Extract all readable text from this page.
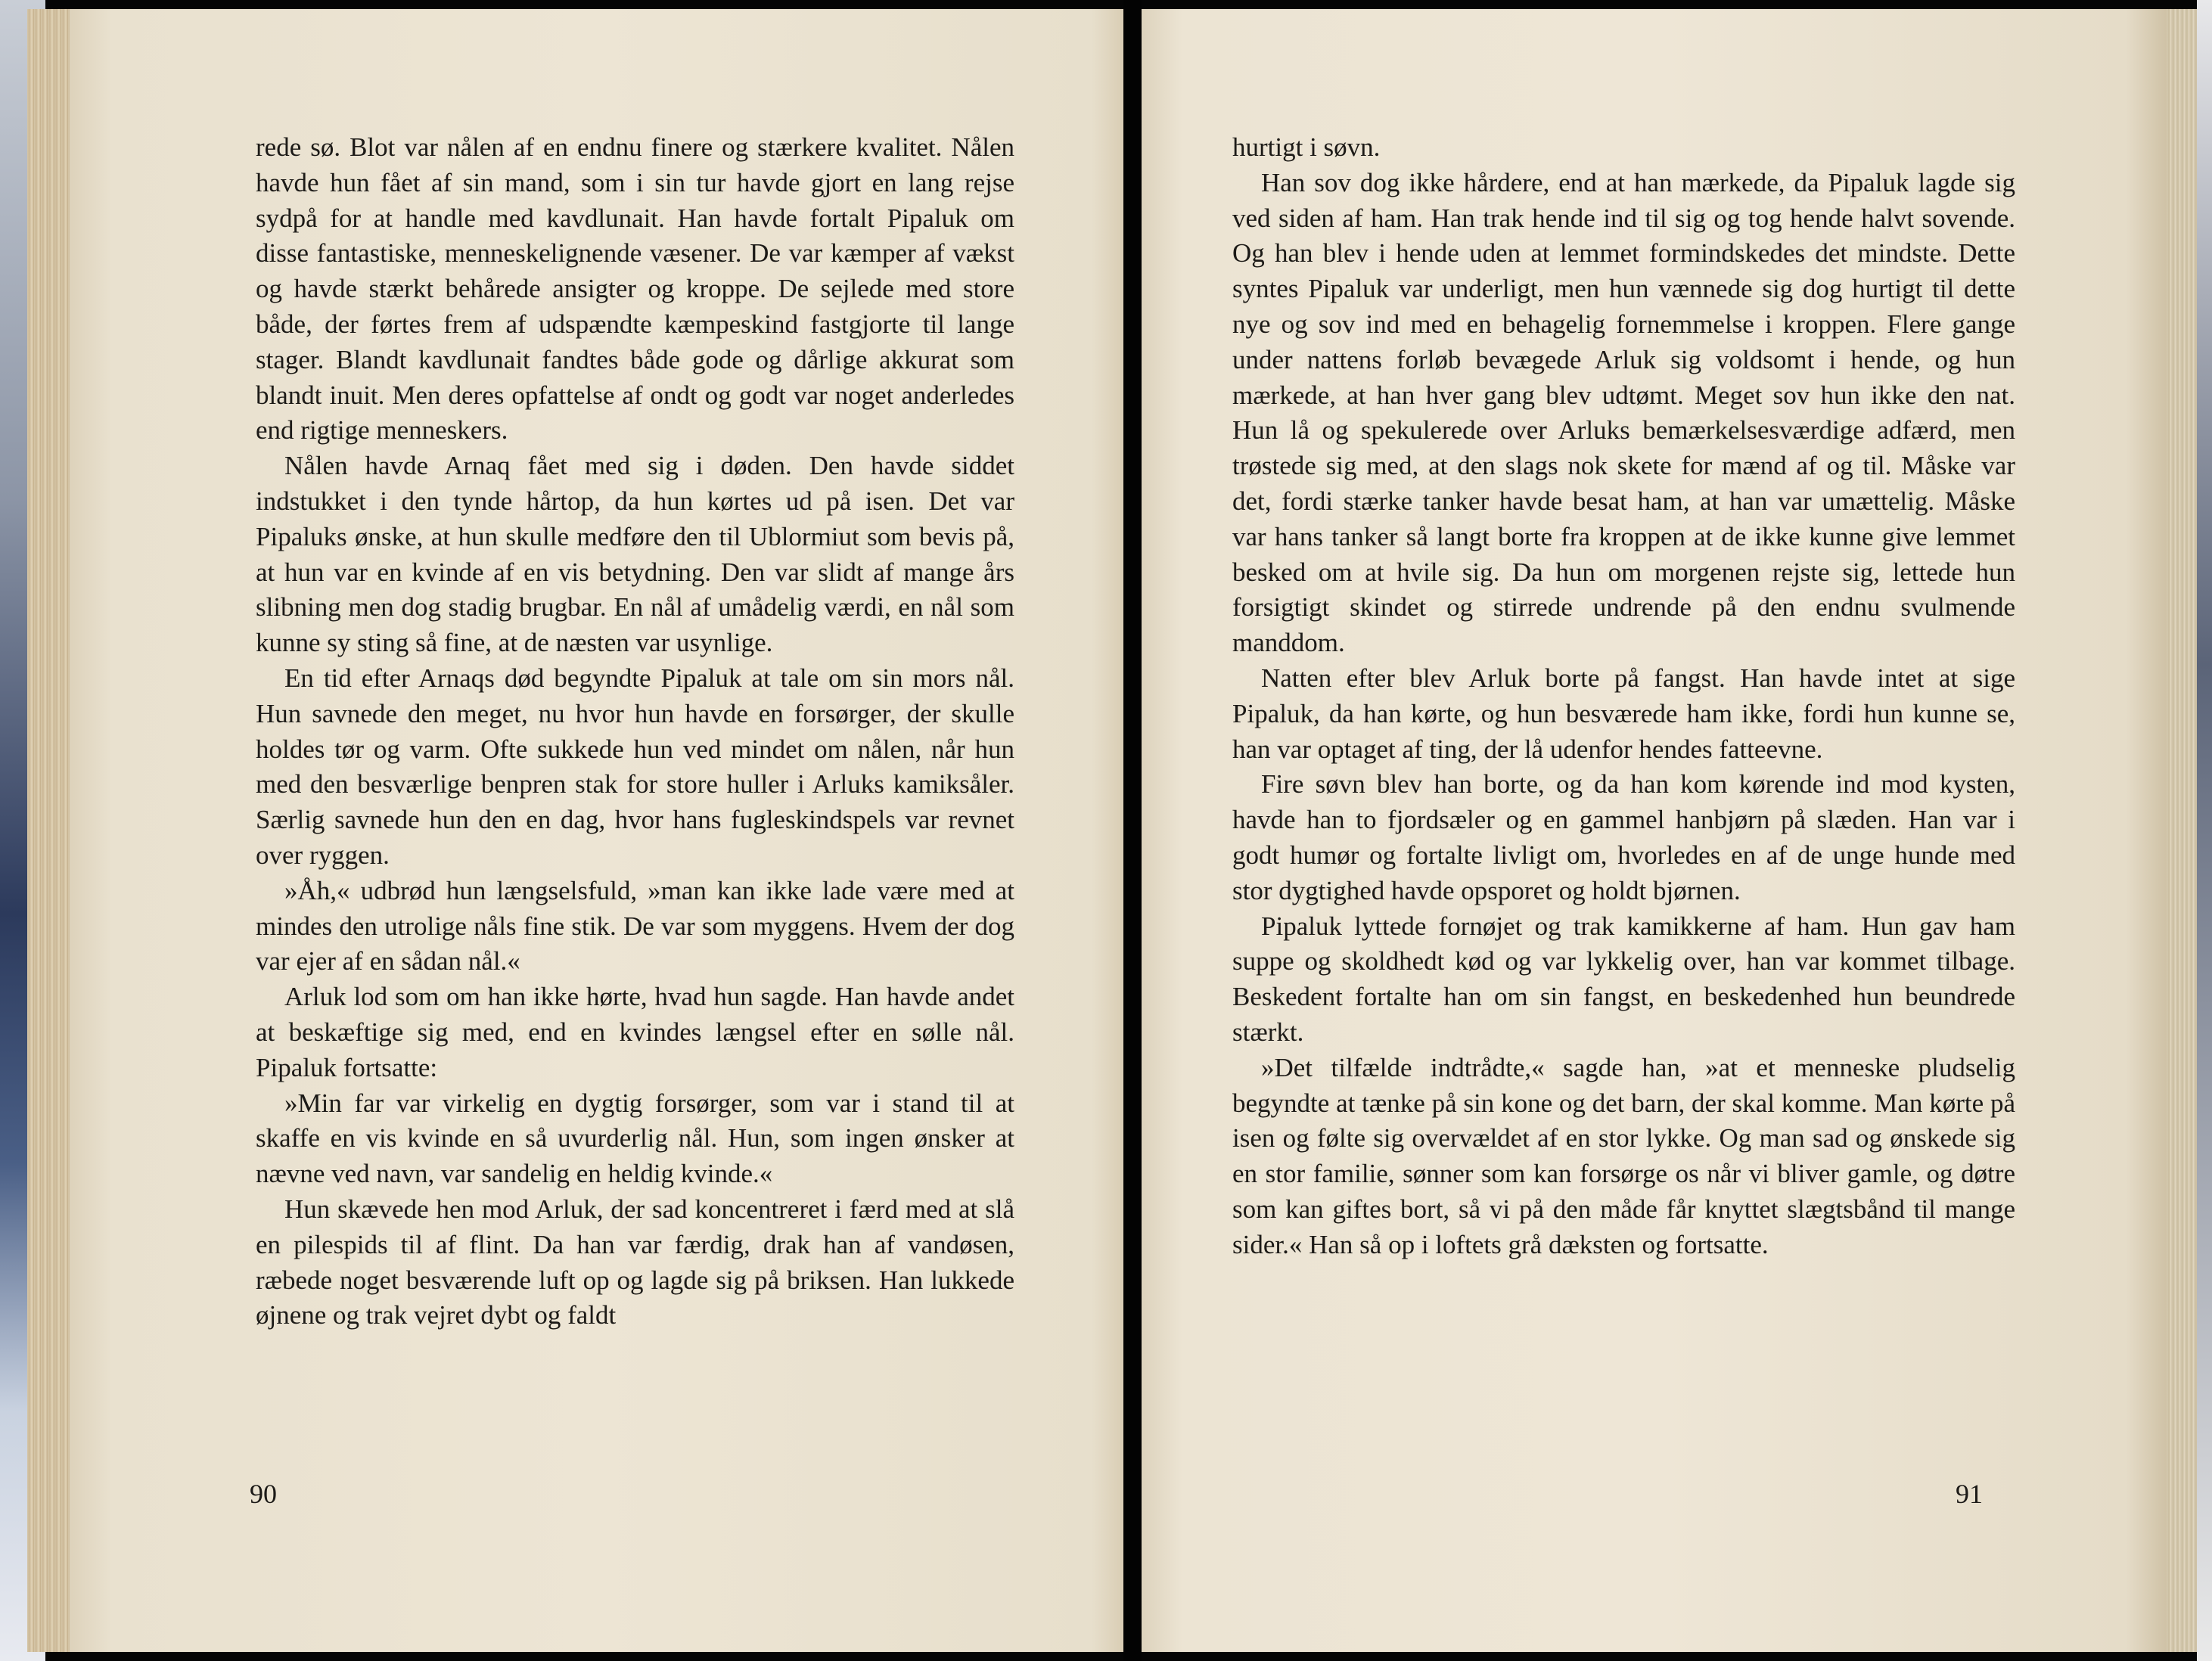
rede sø. Blot var nålen af en endnu finere og stærkere kvalitet. Nålen havde hun fået af sin mand, som i sin tur havde gjort en lang rejse sydpå for at handle med kavdlunait. Han havde fortalt Pipaluk om disse fantastiske, menneskelignende væsener. De var kæmper af vækst og havde stærkt behårede ansigter og kroppe. De sejlede med store både, der førtes frem af udspændte kæmpeskind fastgjorte til lange stager. Blandt kavdlunait fandtes både gode og dårlige akkurat som blandt inuit. Men deres opfattelse af ondt og godt var noget anderledes end rigtige menneskers.

Nålen havde Arnaq fået med sig i døden. Den havde siddet indstukket i den tynde hårtop, da hun kørtes ud på isen. Det var Pipaluks ønske, at hun skulle medføre den til Ublormiut som bevis på, at hun var en kvinde af en vis betydning. Den var slidt af mange års slibning men dog stadig brugbar. En nål af umådelig værdi, en nål som kunne sy sting så fine, at de næsten var usynlige.

En tid efter Arnaqs død begyndte Pipaluk at tale om sin mors nål. Hun savnede den meget, nu hvor hun havde en forsørger, der skulle holdes tør og varm. Ofte sukkede hun ved mindet om nålen, når hun med den besværlige benpren stak for store huller i Arluks kamiksåler. Særlig savnede hun den en dag, hvor hans fugleskindspels var revnet over ryggen.

»Åh,« udbrød hun længselsfuld, »man kan ikke lade være med at mindes den utrolige nåls fine stik. De var som myggens. Hvem der dog var ejer af en sådan nål.«

Arluk lod som om han ikke hørte, hvad hun sagde. Han havde andet at beskæftige sig med, end en kvindes længsel efter en sølle nål. Pipaluk fortsatte:

»Min far var virkelig en dygtig forsørger, som var i stand til at skaffe en vis kvinde en så uvurderlig nål. Hun, som ingen ønsker at nævne ved navn, var sandelig en heldig kvinde.«

Hun skævede hen mod Arluk, der sad koncentreret i færd med at slå en pilespids til af flint. Da han var færdig, drak han af vandøsen, ræbede noget besværende luft op og lagde sig på briksen. Han lukkede øjnene og trak vejret dybt og faldt

90

hurtigt i søvn.

Han sov dog ikke hårdere, end at han mærkede, da Pipaluk lagde sig ved siden af ham. Han trak hende ind til sig og tog hende halvt sovende. Og han blev i hende uden at lemmet formindskedes det mindste. Dette syntes Pipaluk var underligt, men hun vænnede sig dog hurtigt til dette nye og sov ind med en behagelig fornemmelse i kroppen. Flere gange under nattens forløb bevægede Arluk sig voldsomt i hende, og hun mærkede, at han hver gang blev udtømt. Meget sov hun ikke den nat. Hun lå og spekulerede over Arluks bemærkelsesværdige adfærd, men trøstede sig med, at den slags nok skete for mænd af og til. Måske var det, fordi stærke tanker havde besat ham, at han var umættelig. Måske var hans tanker så langt borte fra kroppen at de ikke kunne give lemmet besked om at hvile sig. Da hun om morgenen rejste sig, lettede hun forsigtigt skindet og stirrede undrende på den endnu svulmende manddom.

Natten efter blev Arluk borte på fangst. Han havde intet at sige Pipaluk, da han kørte, og hun besværede ham ikke, fordi hun kunne se, han var optaget af ting, der lå udenfor hendes fatteevne.

Fire søvn blev han borte, og da han kom kørende ind mod kysten, havde han to fjordsæler og en gammel hanbjørn på slæden. Han var i godt humør og fortalte livligt om, hvorledes en af de unge hunde med stor dygtighed havde opsporet og holdt bjørnen.

Pipaluk lyttede fornøjet og trak kamikkerne af ham. Hun gav ham suppe og skoldhedt kød og var lykkelig over, han var kommet tilbage. Beskedent fortalte han om sin fangst, en beskedenhed hun beundrede stærkt.

»Det tilfælde indtrådte,« sagde han, »at et menneske pludselig begyndte at tænke på sin kone og det barn, der skal komme. Man kørte på isen og følte sig overvældet af en stor lykke. Og man sad og ønskede sig en stor familie, sønner som kan forsørge os når vi bliver gamle, og døtre som kan giftes bort, så vi på den måde får knyttet slægtsbånd til mange sider.« Han så op i loftets grå dæksten og fortsatte.

91
